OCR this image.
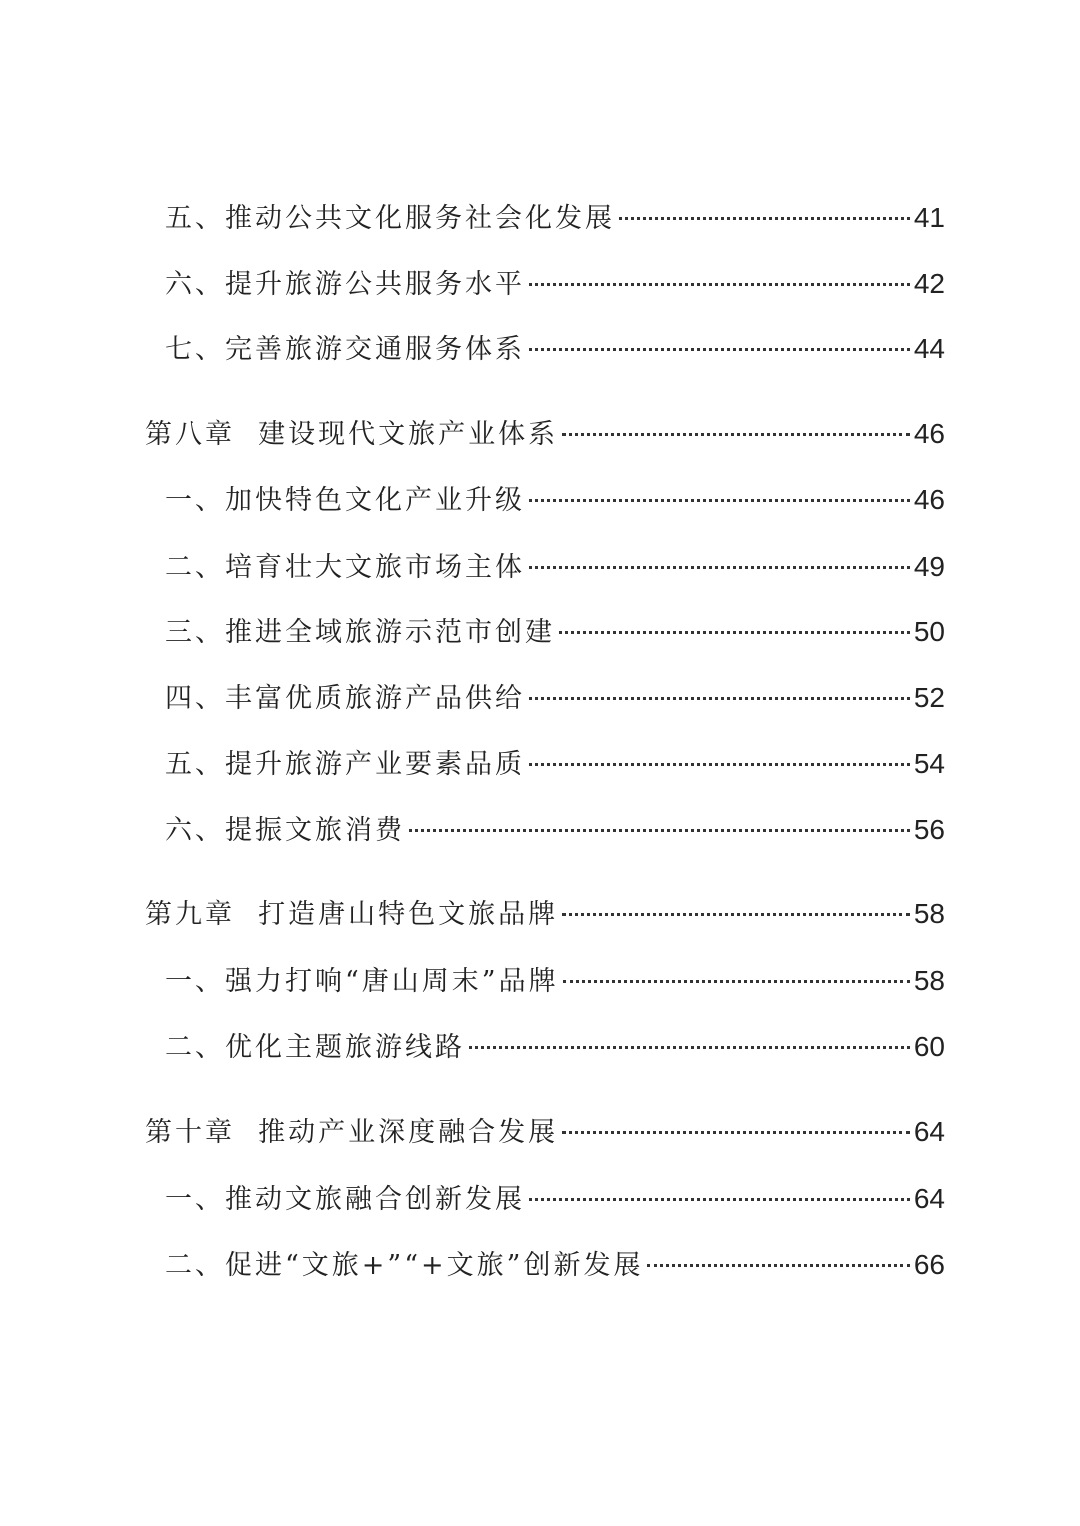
五、推动公共文化服务社会化发展	41
六、提升旅游公共服务水平	42
七、完善旅游交通服务体系	44
第八章  建设现代文旅产业体系	46
一、加快特色文化产业升级	46
二、培育壮大文旅市场主体	49
三、推进全域旅游示范市创建	50
四、丰富优质旅游产品供给	52
五、提升旅游产业要素品质	54
六、提振文旅消费	56
第九章  打造唐山特色文旅品牌	58
一、强力打响“唐山周末”品牌	58
二、优化主题旅游线路	60
第十章  推动产业深度融合发展	64
一、推动文旅融合创新发展	64
二、促进“文旅+”“+文旅”创新发展	66
